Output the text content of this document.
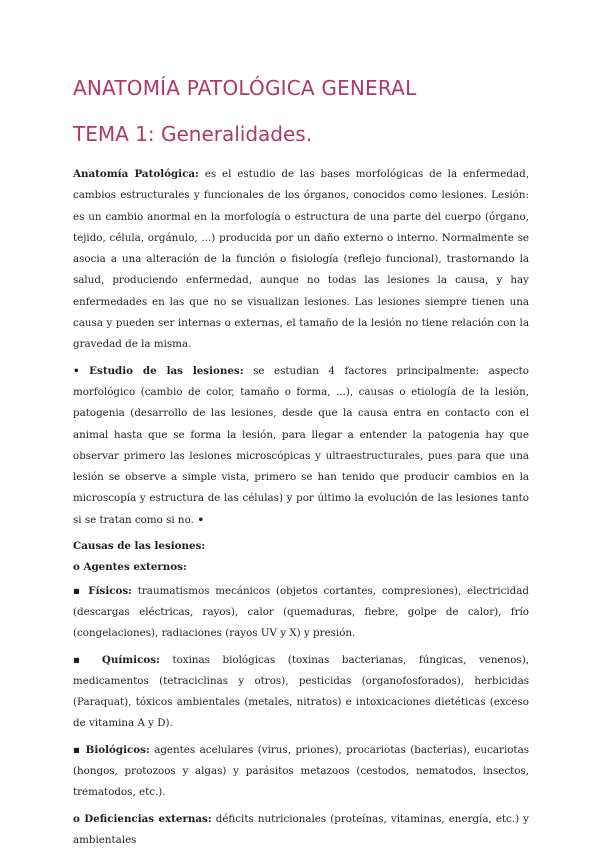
ANATOMÍA PATOLÓGICA GENERAL
TEMA 1: Generalidades.

Anatomía Patológica: es el estudio de las bases morfológicas de la enfermedad, cambios estructurales y funcionales de los órganos, conocidos como lesiones. Lesión: es un cambio anormal en la morfología o estructura de una parte del cuerpo (órgano, tejido, célula, orgánulo, ...) producida por un daño externo o interno. Normalmente se asocia a una alteración de la función o fisiología (reflejo funcional), trastornando la salud, produciendo enfermedad, aunque no todas las lesiones la causa, y hay enfermedades en las que no se visualizan lesiones. Las lesiones siempre tienen una causa y pueden ser internas o externas, el tamaño de la lesión no tiene relación con la gravedad de la misma.

• Estudio de las lesiones: se estudian 4 factores principalmente: aspecto morfológico (cambio de color, tamaño o forma, ...), causas o etiología de la lesión, patogenia (desarrollo de las lesiones, desde que la causa entra en contacto con el animal hasta que se forma la lesión, para llegar a entender la patogenia hay que observar primero las lesiones microscópicas y ultraestructurales, pues para que una lesión se observe a simple vista, primero se han tenido que producir cambios en la microscopía y estructura de las células) y por último la evolución de las lesiones tanto si se tratan como si no. •

Causas de las lesiones:

o Agentes externos:

▪ Físicos: traumatismos mecánicos (objetos cortantes, compresiones), electricidad (descargas eléctricas, rayos), calor (quemaduras, fiebre, golpe de calor), frío (congelaciones), radiaciones (rayos UV y X) y presión.

▪ Químicos: toxinas biológicas (toxinas bacterianas, fúngicas, venenos), medicamentos (tetraciclinas y otros), pesticidas (organofosforados), herbicidas (Paraquat), tóxicos ambientales (metales, nitratos) e intoxicaciones dietéticas (exceso de vitamina A y D).

▪ Biológicos: agentes acelulares (virus, priones), procariotas (bacterias), eucariotas (hongos, protozoos y algas) y parásitos metazoos (cestodos, nematodos, insectos, trematodos, etc.).

o Deficiencias externas: déficits nutricionales (proteínas, vitaminas, energía, etc.) y ambientales
